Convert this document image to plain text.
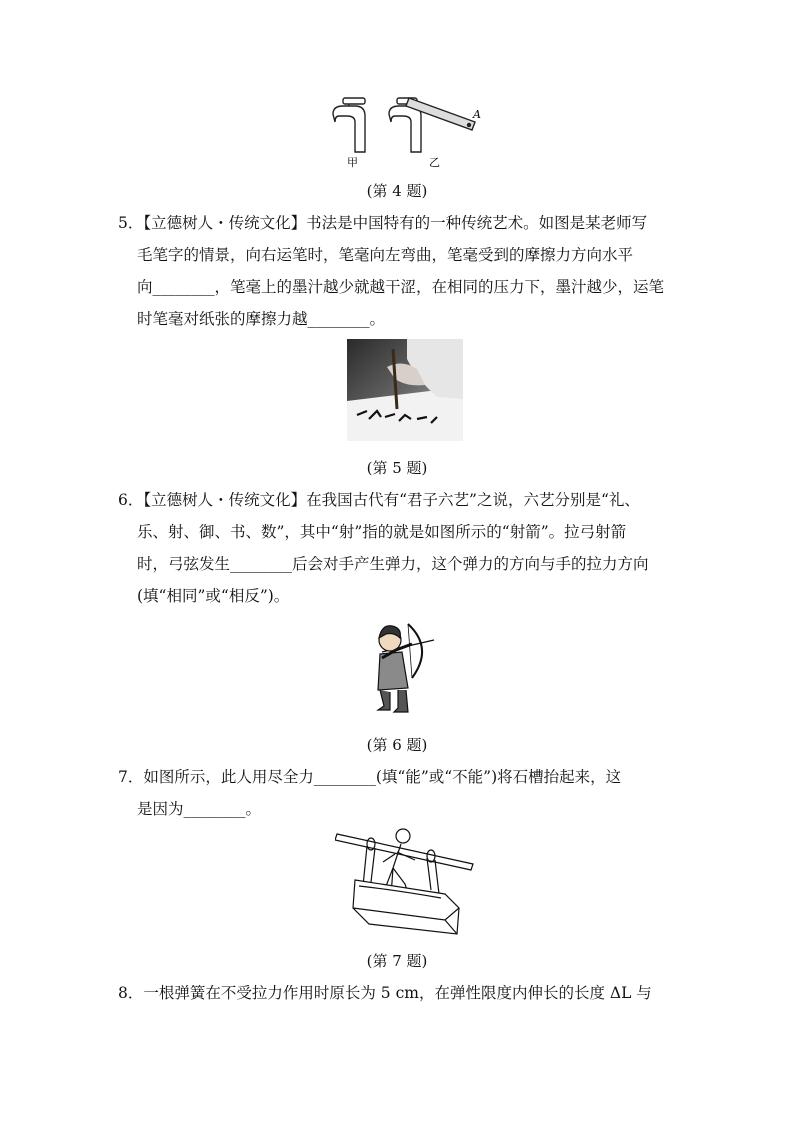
A
甲	乙
(第 4 题)
5．【立德树人・传统文化】书法是中国特有的一种传统艺术。如图是某老师写
毛笔字的情景，向右运笔时，笔毫向左弯曲，笔毫受到的摩擦力方向水平
向________，笔毫上的墨汁越少就越干涩，在相同的压力下，墨汁越少，运笔
时笔毫对纸张的摩擦力越________。
(第 5 题)
6．【立德树人・传统文化】在我国古代有“君子六艺”之说，六艺分别是“礼、
乐、射、御、书、数”，其中“射”指的就是如图所示的“射箭”。拉弓射箭
时，弓弦发生________后会对手产生弹力，这个弹力的方向与手的拉力方向
(填“相同”或“相反”)。
(第 6 题)
7．如图所示，此人用尽全力________(填“能”或“不能”)将石槽抬起来，这
是因为________。
(第 7 题)
8．一根弹簧在不受拉力作用时原长为 5 cm，在弹性限度内伸长的长度 ΔL 与
